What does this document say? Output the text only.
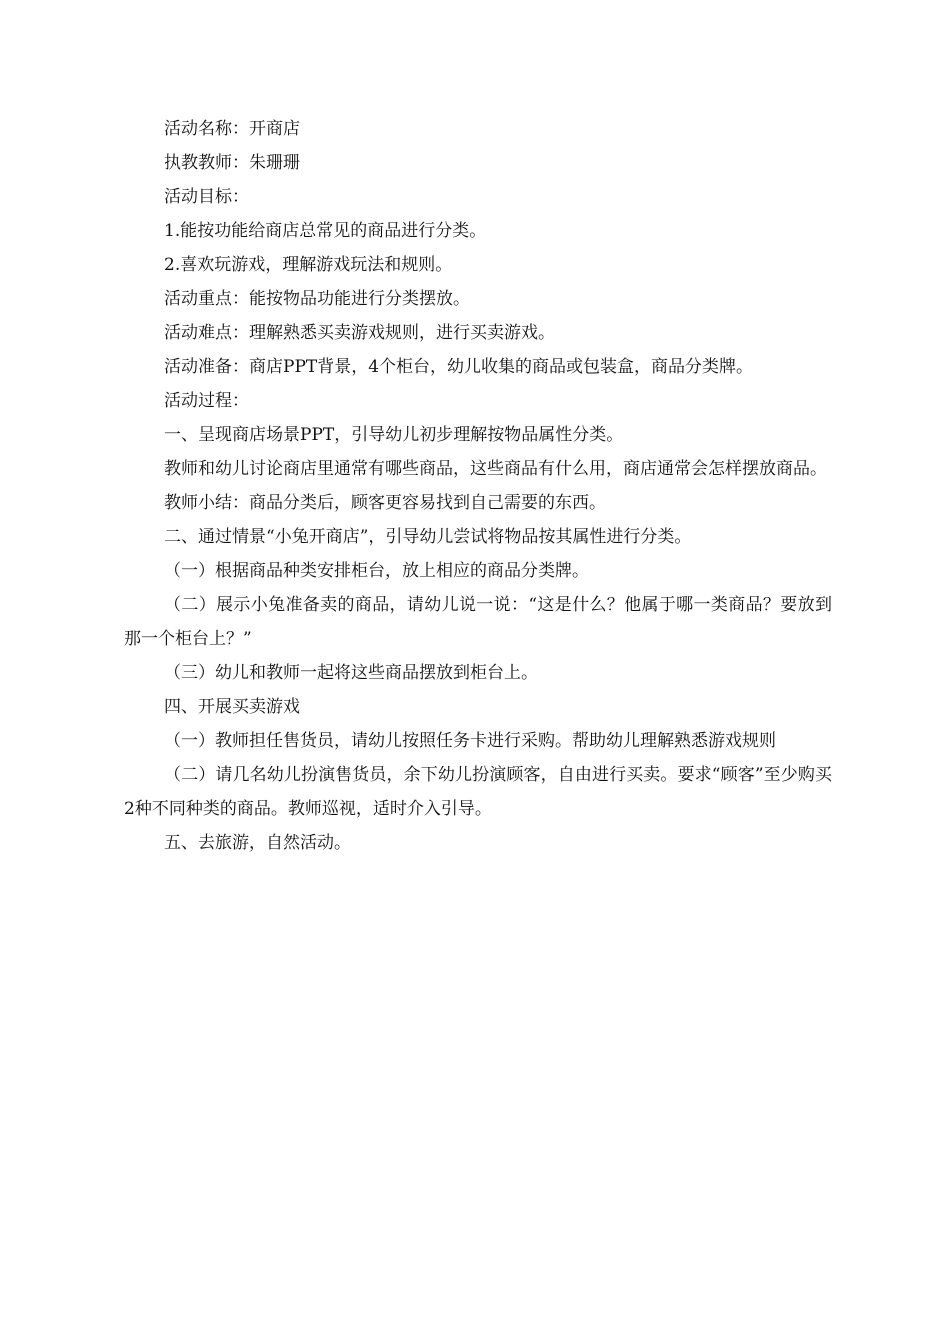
活动名称：开商店

执教教师：朱珊珊

活动目标：

1.能按功能给商店总常见的商品进行分类。

2.喜欢玩游戏，理解游戏玩法和规则。

活动重点：能按物品功能进行分类摆放。

活动难点：理解熟悉买卖游戏规则，进行买卖游戏。

活动准备：商店PPT背景，4个柜台，幼儿收集的商品或包装盒，商品分类牌。

活动过程：

一、呈现商店场景PPT，引导幼儿初步理解按物品属性分类。

教师和幼儿讨论商店里通常有哪些商品，这些商品有什么用，商店通常会怎样摆放商品。

教师小结：商品分类后，顾客更容易找到自己需要的东西。

二、通过情景“小兔开商店”，引导幼儿尝试将物品按其属性进行分类。

（一）根据商品种类安排柜台，放上相应的商品分类牌。

（二）展示小兔准备卖的商品，请幼儿说一说：“这是什么？他属于哪一类商品？要放到那一个柜台上？”

（三）幼儿和教师一起将这些商品摆放到柜台上。

四、开展买卖游戏

（一）教师担任售货员，请幼儿按照任务卡进行采购。帮助幼儿理解熟悉游戏规则

（二）请几名幼儿扮演售货员，余下幼儿扮演顾客，自由进行买卖。要求“顾客”至少购买2种不同种类的商品。教师巡视，适时介入引导。

五、去旅游，自然活动。
